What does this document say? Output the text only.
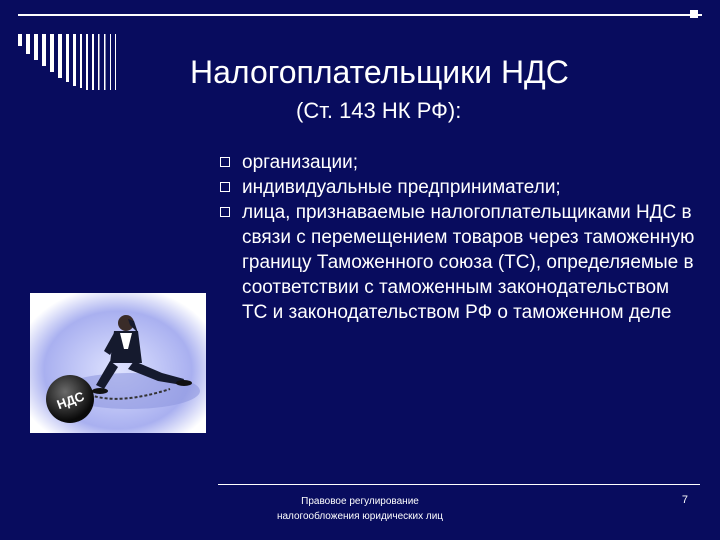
Налогоплательщики НДС
(Ст. 143 НК РФ):
организации;
индивидуальные предприниматели;
лица, признаваемые налогоплательщиками НДС в связи с перемещением товаров через таможенную границу Таможенного союза (ТС), определяемые в соответствии с таможенным законодательством ТС и законодательством РФ о таможенном деле
НДС
Правовое регулирование
налогообложения юридических лиц
7
